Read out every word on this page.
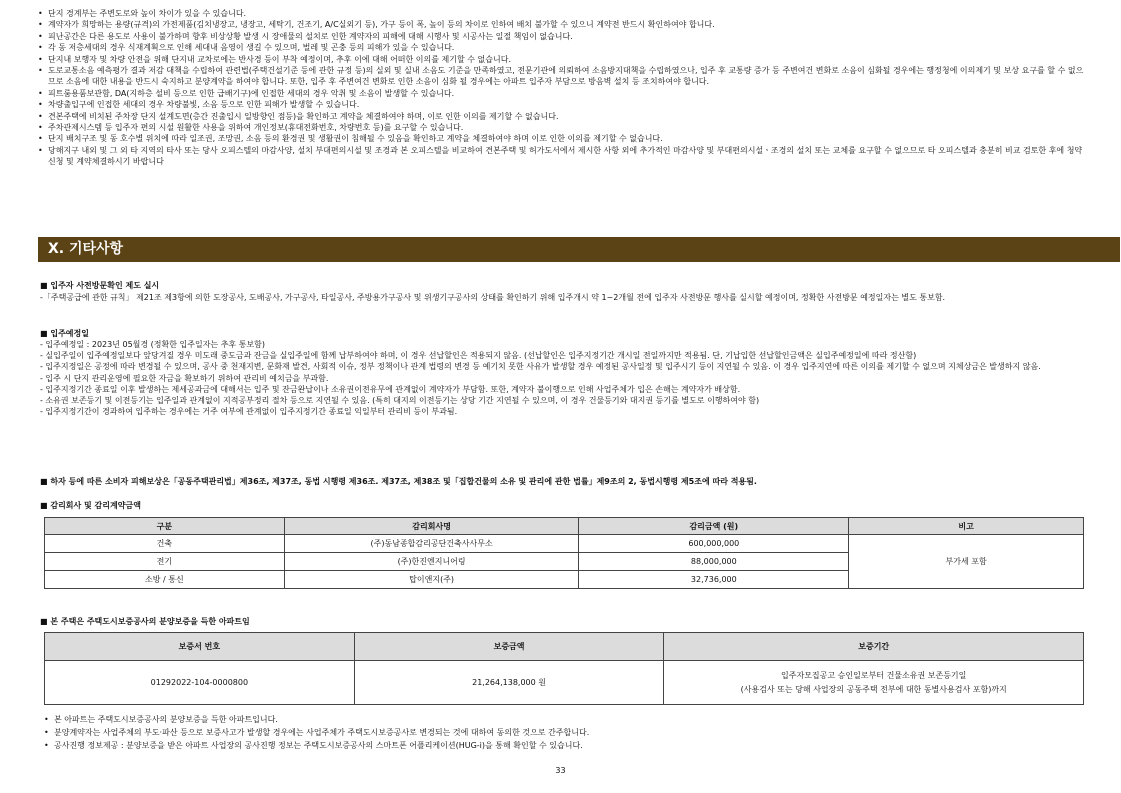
• 단지 경계부는 주변도로와 높이 차이가 있을 수 있습니다.
• 계약자가 희망하는 용량(규격)의 가전제품(김치냉장고, 냉장고, 세탁기, 건조기, A/C실외기 등), 가구 등이 폭, 높이 등의 차이로 인하여 배치 불가할 수 있으니 계약전 반드시 확인하여야 합니다.
• 피난공간은 다른 용도로 사용이 불가하며 향후 비상상황 발생 시 장애물의 설치로 인한 계약자의 피해에 대해 시행사 및 시공사는 일절 책임이 없습니다.
• 각 동 저층세대의 경우 식재계획으로 인해 세대내 음영이 생길 수 있으며, 벌레 및 곤충 등의 피해가 있을 수 있습니다.
• 단지내 보행자 및 차량 안전을 위해 단지내 교차로에는 반사경 등이 부착 예정이며, 추후 이에 대해 어떠한 이의를 제기할 수 없습니다.
• 도로교통소음 예측평가 결과 저감 대책을 수립하여 관련법(주택건설기준 등에 관한 규정 등)의 실외 및 실내 소음도 기준을 만족하였고, 전문기관에 의뢰하여 소음방지대책을 수립하였으나, 입주 후 교통량 증가 등 주변여건 변화로 소음이 심화될 경우에는 행정청에 이의제기 및 보상 요구를 할 수 없으므로 소음에 대한 내용을 반드시 숙지하고 분양계약을 하여야 합니다. 또한, 입주 후 주변여건 변화로 인한 소음이 심화 될 경우에는 아파트 입주자 부담으로 방음벽 설치 등 조치하여야 합니다.
• 피트룸용품보관함, DA(지하층 설비 등으로 인한 급배기구)에 인접한 세대의 경우 악취 및 소음이 발생할 수 있습니다.
• 차량출입구에 인접한 세대의 경우 차량불빛, 소음 등으로 인한 피해가 발생할 수 있습니다.
• 견본주택에 비치된 주차장 단지 설계도면(층간 진출입시 일방향인 점등)을 확인하고 계약을 체결하여야 하며, 이로 인한 이의를 제기할 수 없습니다.
• 주차관제시스템 등 입주자 편의 시설 원활한 사용을 위하여 개인정보(휴대전화번호, 차량번호 등)를 요구할 수 있습니다.
• 단지 배치구조 및 동 호수별 위치에 따라 일조권, 조망권, 소음 등의 환경권 및 생활권이 침해될 수 있음을 확인하고 계약을 체결하여야 하며 이로 인한 이의를 제기할 수 없습니다.
• 당해지구 내외 및 그 외 타 지역의 타사 또는 당사 오피스텔의 마감사양, 설치 부대편의시설 및 조경과 본 오피스텔을 비교하여 견본주택 및 허가도서에서 제시한 사항 외에 추가적인 마감사양 및 부대편의시설ㆍ조경의 설치 또는 교체를 요구할 수 없으므로 타 오피스텔과 충분히 비교 검토한 후에 청약신청 및 계약체결하시기 바랍니다
X. 기타사항
■ 입주자 사전방문확인 제도 실시
-「주택공급에 관한 규칙」 제21조 제3항에 의한 도장공사, 도배공사, 가구공사, 타일공사, 주방용가구공사 및 위생기구공사의 상태를 확인하기 위해 입주개시 약 1~2개월 전에 입주자 사전방문 행사를 실시할 예정이며, 정확한 사전방문 예정일자는 별도 통보함.
■ 입주예정일
- 입주예정일 : 2023년 05월경 (정확한 입주일자는 추후 통보함)
- 실입주일이 입주예정일보다 앞당겨질 경우 미도래 중도금과 잔금을 실입주일에 함께 납부하여야 하며, 이 경우 선납할인은 적용되지 않음. (선납할인은 입주지정기간 개시일 전일까지만 적용됨. 단, 기납입한 선납할인금액은 실입주예정일에 따라 정산함)
- 입주지정일은 공정에 따라 변경될 수 있으며, 공사 중 천재지변, 문화재 발견, 사회적 이슈, 정부 정책이나 관계 법령의 변경 등 예기치 못한 사유가 발생할 경우 예정된 공사일정 및 입주시기 등이 지연될 수 있음. 이 경우 입주지연에 따른 이의를 제기할 수 없으며 지체상금은 발생하지 않음.
- 입주 시 단지 관리운영에 필요한 자금을 확보하기 위하여 관리비 예치금을 부과함.
- 입주지정기간 종료일 이후 발생하는 제세공과금에 대해서는 입주 및 잔금완납이나 소유권이전유무에 관계없이 계약자가 부담함. 또한, 계약자 불이행으로 인해 사업주체가 입은 손해는 계약자가 배상함.
- 소유권 보존등기 및 이전등기는 입주일과 관계없이 지적공부정리 절차 등으로 지연될 수 있음. (특히 대지의 이전등기는 상당 기간 지연될 수 있으며, 이 경우 건물등기와 대지권 등기를 별도로 이행하여야 함)
- 입주지정기간이 경과하여 입주하는 경우에는 거주 여부에 관계없이 입주지정기간 종료일 익일부터 관리비 등이 부과됨.
■ 하자 등에 따른 소비자 피해보상은「공동주택관리법」제36조, 제37조, 동법 시행령 제36조. 제37조, 제38조 및「집합건물의 소유 및 관리에 관한 법률」제9조의 2, 동법시행령 제5조에 따라 적용됨.
■ 감리회사 및 감리계약금액
구분	감리회사명	감리금액 (원)	비고
건축	(주)동남종합감리공단건축사사무소	600,000,000	부가세 포함
전기	(주)한진엔지니어링	88,000,000	
소방 / 통신	탑이앤지(주)	32,736,000	
■ 본 주택은 주택도시보증공사의 분양보증을 득한 아파트임
보증서 번호	보증금액	보증기간
01292022-104-0000800	21,264,138,000 원	입주자모집공고 승인일로부터 건물소유권 보존등기일
(사용검사 또는 당해 사업장의 공동주택 전부에 대한 동별사용검사 포함)까지
• 본 아파트는 주택도시보증공사의 분양보증을 득한 아파트입니다.
• 분양계약자는 사업주체의 부도·파산 등으로 보증사고가 발생할 경우에는 사업주체가 주택도시보증공사로 변경되는 것에 대하여 동의한 것으로 간주합니다.
• 공사진행 정보제공 : 분양보증을 받은 아파트 사업장의 공사진행 정보는 주택도시보증공사의 스마트폰 어플리케이션(HUG-i)을 통해 확인할 수 있습니다.
33
